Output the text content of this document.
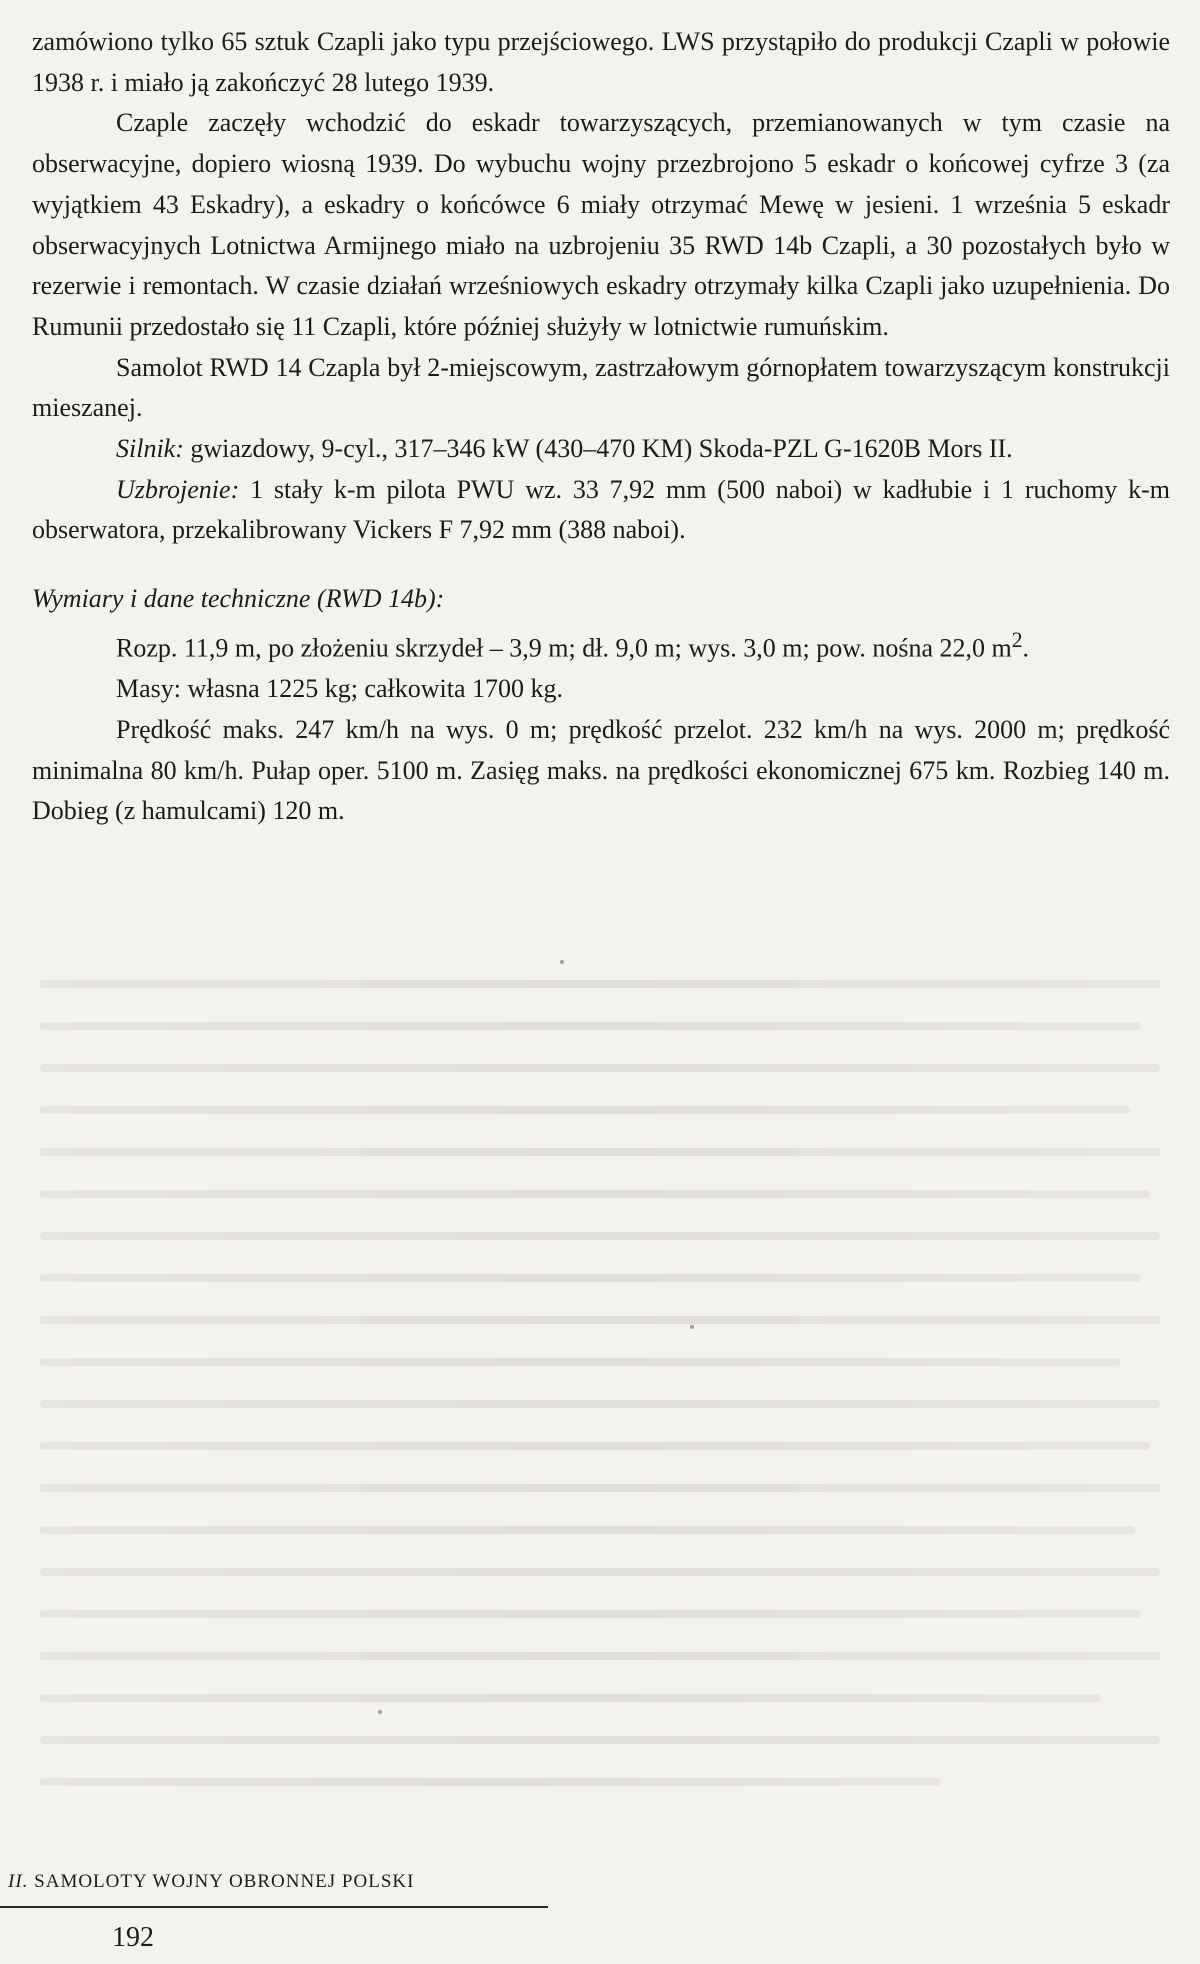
zamówiono tylko 65 sztuk Czapli jako typu przejściowego. LWS przystąpiło do produkcji Czapli w połowie 1938 r. i miało ją zakończyć 28 lutego 1939.

Czaple zaczęły wchodzić do eskadr towarzyszących, przemianowanych w tym czasie na obserwacyjne, dopiero wiosną 1939. Do wybuchu wojny przezbrojono 5 eskadr o końcowej cyfrze 3 (za wyjątkiem 43 Eskadry), a eskadry o końcówce 6 miały otrzymać Mewę w jesieni. 1 września 5 eskadr obserwacyjnych Lotnictwa Armijnego miało na uzbrojeniu 35 RWD 14b Czapli, a 30 pozostałych było w rezerwie i remontach. W czasie działań wrześniowych eskadry otrzymały kilka Czapli jako uzupełnienia. Do Rumunii przedostało się 11 Czapli, które później służyły w lotnictwie rumuńskim.

Samolot RWD 14 Czapla był 2-miejscowym, zastrzałowym górnopłatem towarzyszącym konstrukcji mieszanej.

Silnik: gwiazdowy, 9-cyl., 317–346 kW (430–470 KM) Skoda-PZL G-1620B Mors II.

Uzbrojenie: 1 stały k-m pilota PWU wz. 33 7,92 mm (500 naboi) w kadłubie i 1 ruchomy k-m obserwatora, przekalibrowany Vickers F 7,92 mm (388 naboi).

Wymiary i dane techniczne (RWD 14b):

Rozp. 11,9 m, po złożeniu skrzydeł – 3,9 m; dł. 9,0 m; wys. 3,0 m; pow. nośna 22,0 $m^2$.

Masy: własna 1225 kg; całkowita 1700 kg.

Prędkość maks. 247 km/h na wys. 0 m; prędkość przelot. 232 km/h na wys. 2000 m; prędkość minimalna 80 km/h. Pułap oper. 5100 m. Zasięg maks. na prędkości ekonomicznej 675 km. Rozbieg 140 m. Dobieg (z hamulcami) 120 m.

II. SAMOLOTY WOJNY OBRONNEJ POLSKI
192
